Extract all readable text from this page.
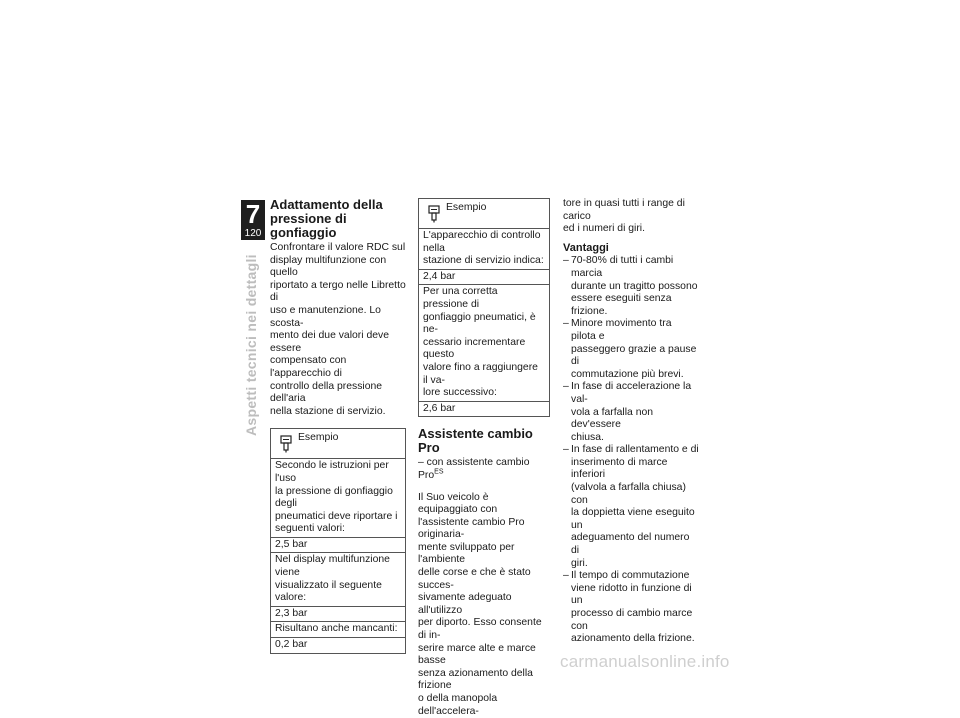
7
120
Aspetti tecnici nei dettagli
Adattamento della
pressione di gonfiaggio

Confrontare il valore RDC sul
display multifunzione con quello
riportato a tergo nelle Libretto di
uso e manutenzione. Lo scosta-
mento dei due valori deve essere
compensato con l'apparecchio di
controllo della pressione dell'aria
nella stazione di servizio.

Esempio
Secondo le istruzioni per l'uso
la pressione di gonfiaggio degli
pneumatici deve riportare i
seguenti valori:
2,5 bar
Nel display multifunzione viene
visualizzato il seguente valore:
2,3 bar
Risultano anche mancanti:
0,2 bar
Esempio
L'apparecchio di controllo nella
stazione di servizio indica:
2,4 bar
Per una corretta pressione di
gonfiaggio pneumatici, è ne-
cessario incrementare questo
valore fino a raggiungere il va-
lore successivo:
2,6 bar
Assistente cambio Pro

– con assistente cambio Pro$^{ES}$

Il Suo veicolo è equipaggiato con
l'assistente cambio Pro originaria-
mente sviluppato per l'ambiente
delle corse e che è stato succes-
sivamente adeguato all'utilizzo
per diporto. Esso consente di in-
serire marce alte e marce basse
senza azionamento della frizione
o della manopola dell'accelera-

tore in quasi tutti i range di carico
ed i numeri di giri.

Vantaggi
– 70-80% di tutti i cambi marcia
durante un tragitto possono
essere eseguiti senza frizione.
– Minore movimento tra pilota e
passeggero grazie a pause di
commutazione più brevi.
– In fase di accelerazione la val-
vola a farfalla non dev'essere
chiusa.
– In fase di rallentamento e di
inserimento di marce inferiori
(valvola a farfalla chiusa) con
la doppietta viene eseguito un
adeguamento del numero di
giri.
– Il tempo di commutazione
viene ridotto in funzione di un
processo di cambio marce con
azionamento della frizione.
carmanualsonline.info
